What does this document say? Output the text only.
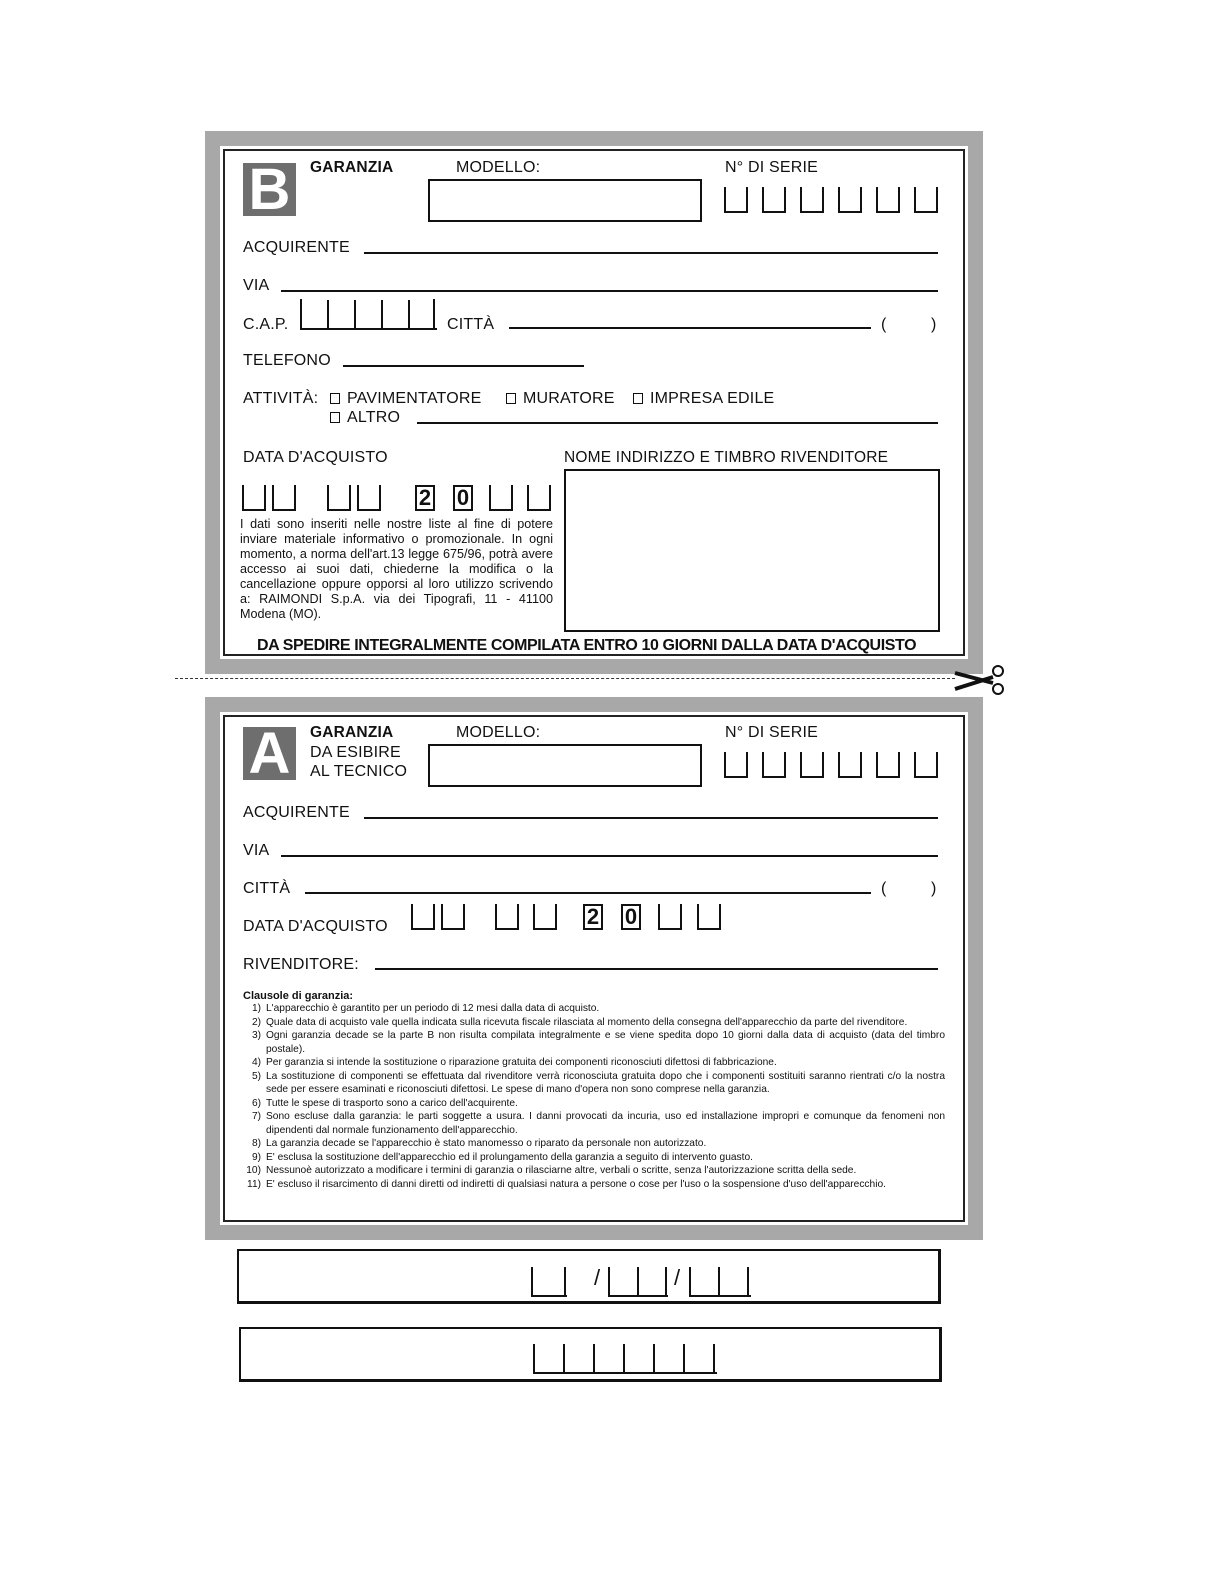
B	GARANZIA	MODELLO:	N° DI SERIE
ACQUIRENTE
VIA
C.A.P.	CITTÀ	(	)
TELEFONO
ATTIVITÀ:	PAVIMENTATORE	MURATORE	IMPRESA EDILE
ALTRO
DATA D'ACQUISTO
2 0
NOME INDIRIZZO E TIMBRO RIVENDITORE
I dati sono inseriti nelle nostre liste al fine di potere inviare materiale informativo o promozionale. In ogni momento, a norma dell'art.13 legge 675/96, potrà avere accesso ai suoi dati, chiederne la modifica o la cancellazione oppure opporsi al loro utilizzo scrivendo a: RAIMONDI S.p.A. via dei Tipografi, 11 - 41100 Modena (MO).
DA SPEDIRE INTEGRALMENTE COMPILATA ENTRO 10 GIORNI DALLA DATA D'ACQUISTO
A	GARANZIA
DA ESIBIRE
AL TECNICO
MODELLO:	N° DI SERIE
ACQUIRENTE
VIA
CITTÀ	(	)
DATA D'ACQUISTO	2 0
RIVENDITORE:
Clausole di garanzia:
1) L'apparecchio è garantito per un periodo di 12 mesi dalla data di acquisto.
2) Quale data di acquisto vale quella indicata sulla ricevuta fiscale rilasciata al momento della consegna dell'apparecchio da parte del rivenditore.
3) Ogni garanzia decade se la parte B non risulta compilata integralmente e se viene spedita dopo 10 giorni dalla data di acquisto (data del timbro postale).
4) Per garanzia si intende la sostituzione o riparazione gratuita dei componenti riconosciuti difettosi di fabbricazione.
5) La sostituzione di componenti se effettuata dal rivenditore verrà riconosciuta gratuita dopo che i componenti sostituiti saranno rientrati c/o la nostra sede per essere esaminati e riconosciuti difettosi. Le spese di mano d'opera non sono comprese nella garanzia.
6) Tutte le spese di trasporto sono a carico dell'acquirente.
7) Sono escluse dalla garanzia: le parti soggette a usura. I danni provocati da incuria, uso ed installazione impropri e comunque da fenomeni non dipendenti dal normale funzionamento dell'apparecchio.
8) La garanzia decade se l'apparecchio è stato manomesso o riparato da personale non autorizzato.
9) E' esclusa la sostituzione dell'apparecchio ed il prolungamento della garanzia a seguito di intervento guasto.
10) Nessunoè autorizzato a modificare i termini di garanzia o rilasciarne altre, verbali o scritte, senza l'autorizzazione scritta della sede.
11) E' escluso il risarcimento di danni diretti od indiretti di qualsiasi natura a persone o cose per l'uso o la sospensione d'uso dell'apparecchio.
/	/
